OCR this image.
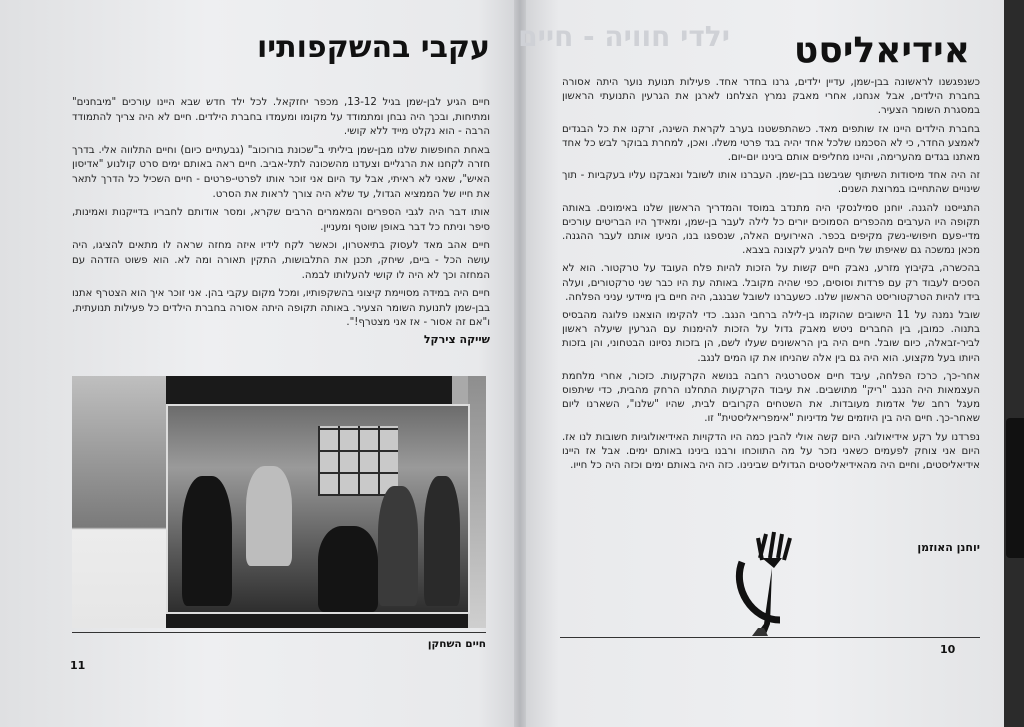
עקבי בהשקפותיו

חיים הגיע לבן-שמן בגיל 13-12, מכפר יחזקאל. לכל ילד חדש שבא היינו עורכים "מיבחנים" ומתיחות, ובכך היה נבחן ומתמודד על מקומו ומעמדו בחברת הילדים. חיים לא היה צריך להתמודד הרבה - הוא נקלט מייד ללא קושי.

באחת החופשות שלנו מבן-שמן ביליתי ב"שכונת בורוכוב" (גבעתיים כיום) וחיים התלווה אלי. בדרך חזרה לקחנו את הרגליים וצעדנו מהשכונה לתל-אביב. חיים ראה באותם ימים סרט קולנוע "אדיסון האיש", שאני לא ראיתי, אבל עד היום אני זוכר אותו לפרטי-פרטים - חיים השכיל כל הדרך לתאר את חייו של הממציא הגדול, עד שלא היה צורך לראות את הסרט.

אותו דבר היה לגבי הספרים והמאמרים הרבים שקרא, ומסר אודותם לחבריו בדייקנות ואמינות, סיפר וניתח כל דבר באופן שוטף ומעניין.

חיים אהב מאד לעסוק בתיאטרון, וכאשר לקח לידיו איזה מחזה שראה לו מתאים להציגו, היה עושה הכל - ביים, שיחק, תכנן את התלבושות, התקין תאורה ומה לא. הוא פשוט הזדהה עם המחזה וכך לא היה לו קושי להעלותו לבמה.

חיים היה במידה מסויימת קיצוני בהשקפותיו, ומכל מקום עקבי בהן. אני זוכר איך הוא הצטרף אתנו בבן-שמן לתנועת השומר הצעיר. באותה תקופה היתה אסורה בחברת הילדים כל פעילות תנועתית, ו"אם זה אסור - אז אני מצטרף!".

שייקה צירקל
חיים השחקן
11
ילדי חוויה - חיים אידיאליסט

כשנפגשנו לראשונה בבן-שמן, עדיין ילדים, גרנו בחדר אחד. פעילות תנועת נוער היתה אסורה בחברת הילדים, אבל אנחנו, אחרי מאבק נמרץ הצלחנו לארגן את הגרעין התנועתי הראשון במסגרת השומר הצעיר.

בחברת הילדים היינו אז שותפים מאד. כשהתפשטנו בערב לקראת השינה, זרקנו את כל הבגדים לאמצע החדר, כי לא הסכמנו שלכל אחד יהיה בגד פרטי משלו. ואכן, למחרת בבוקר לבש כל אחד מאתנו בגדים מהערימה, והיינו מחליפים אותם בינינו יום-יום.

זה היה אחד מיסודות השיתוף שגיבשנו בבן-שמן. העברנו אותו לשובל ונאבקנו עליו בעקביות - תוך שינויים שהתחייבו במרוצת השנים.

התגייסנו להגנה. יוחנן סמילנסקי היה מתנדב במוסד והמדריך הראשון שלנו באימונים. באותה תקופה היו הערבים מהכפרים הסמוכים יורים כל לילה לעבר בן-שמן, ומאידך היו הבריטים עורכים מדי-פעם חיפושי-נשק מקיפים בכפר. האירועים האלה, שנספגו בנו, הניעו אותנו לעבר ההגנה. מכאן נמשכה גם שאיפתו של חיים להגיע לקצונה בצבא.

בהכשרה, בקיבוץ מזרע, נאבק חיים קשות על הזכות להיות פלח העובד על טרקטור. הוא לא הסכים לעבוד רק עם פרדות וסוסים, כפי שהיה מקובל. באותה עת היו כבר שני טרקטורים, ועלה בידו להיות הטרקטוריסט הראשון שלנו. כשעברנו לשובל שבנגב, היה חיים בין מיידעי עניני הפלחה.

שובל נמנה על 11 הישובים שהוקמו בן-לילה ברחבי הנגב. כדי להקימו הוצאנו פלוגה מהבסיס בתנוה. כמובן, בין החברים ניטש מאבק גדול על הזכות להימנות עם הגרעין שיעלה ראשון לביר-זבאלה, כיום שובל. חיים היה בין הראשונים שעלו לשם, הן בזכות נסיונו הבטחוני, והן בזכות היותו בעל מקצוע. הוא היה גם בין אלה שהניחו את קו המים לנגב.

אחר-כך, כרכז הפלחה, עיבד חיים אסטרטגיה רחבה בנושא הקרקעות. כזכור, אחרי מלחמת העצמאות היה הנגב "ריק" מתושבים. את עיבוד הקרקעות התחלנו הרחק מהבית, כדי שיתפוס מעגל רחב של אדמות מעובדות. את השטחים הקרובים לבית, שהיו "שלנו", השארנו ליום שאחר-כך. חיים היה בין היוזמים של מדיניות "אימפריאליסטית" זו.

נפרדנו על רקע אידיאולוגי. היום קשה אולי להבין כמה היו הדקויות האידיאולוגיות חשובות לנו אז. היום אני צוחק לפעמים כשאני נזכר על מה התווכחו ורבנו בינינו באותם ימים. אבל אז היינו אידיאליסטים, וחיים היה מהאידיאליסטים הגדולים שבינינו. כזה היה באותם ימים וכזה היה כל חייו.

יוחנן האוזמן
10
